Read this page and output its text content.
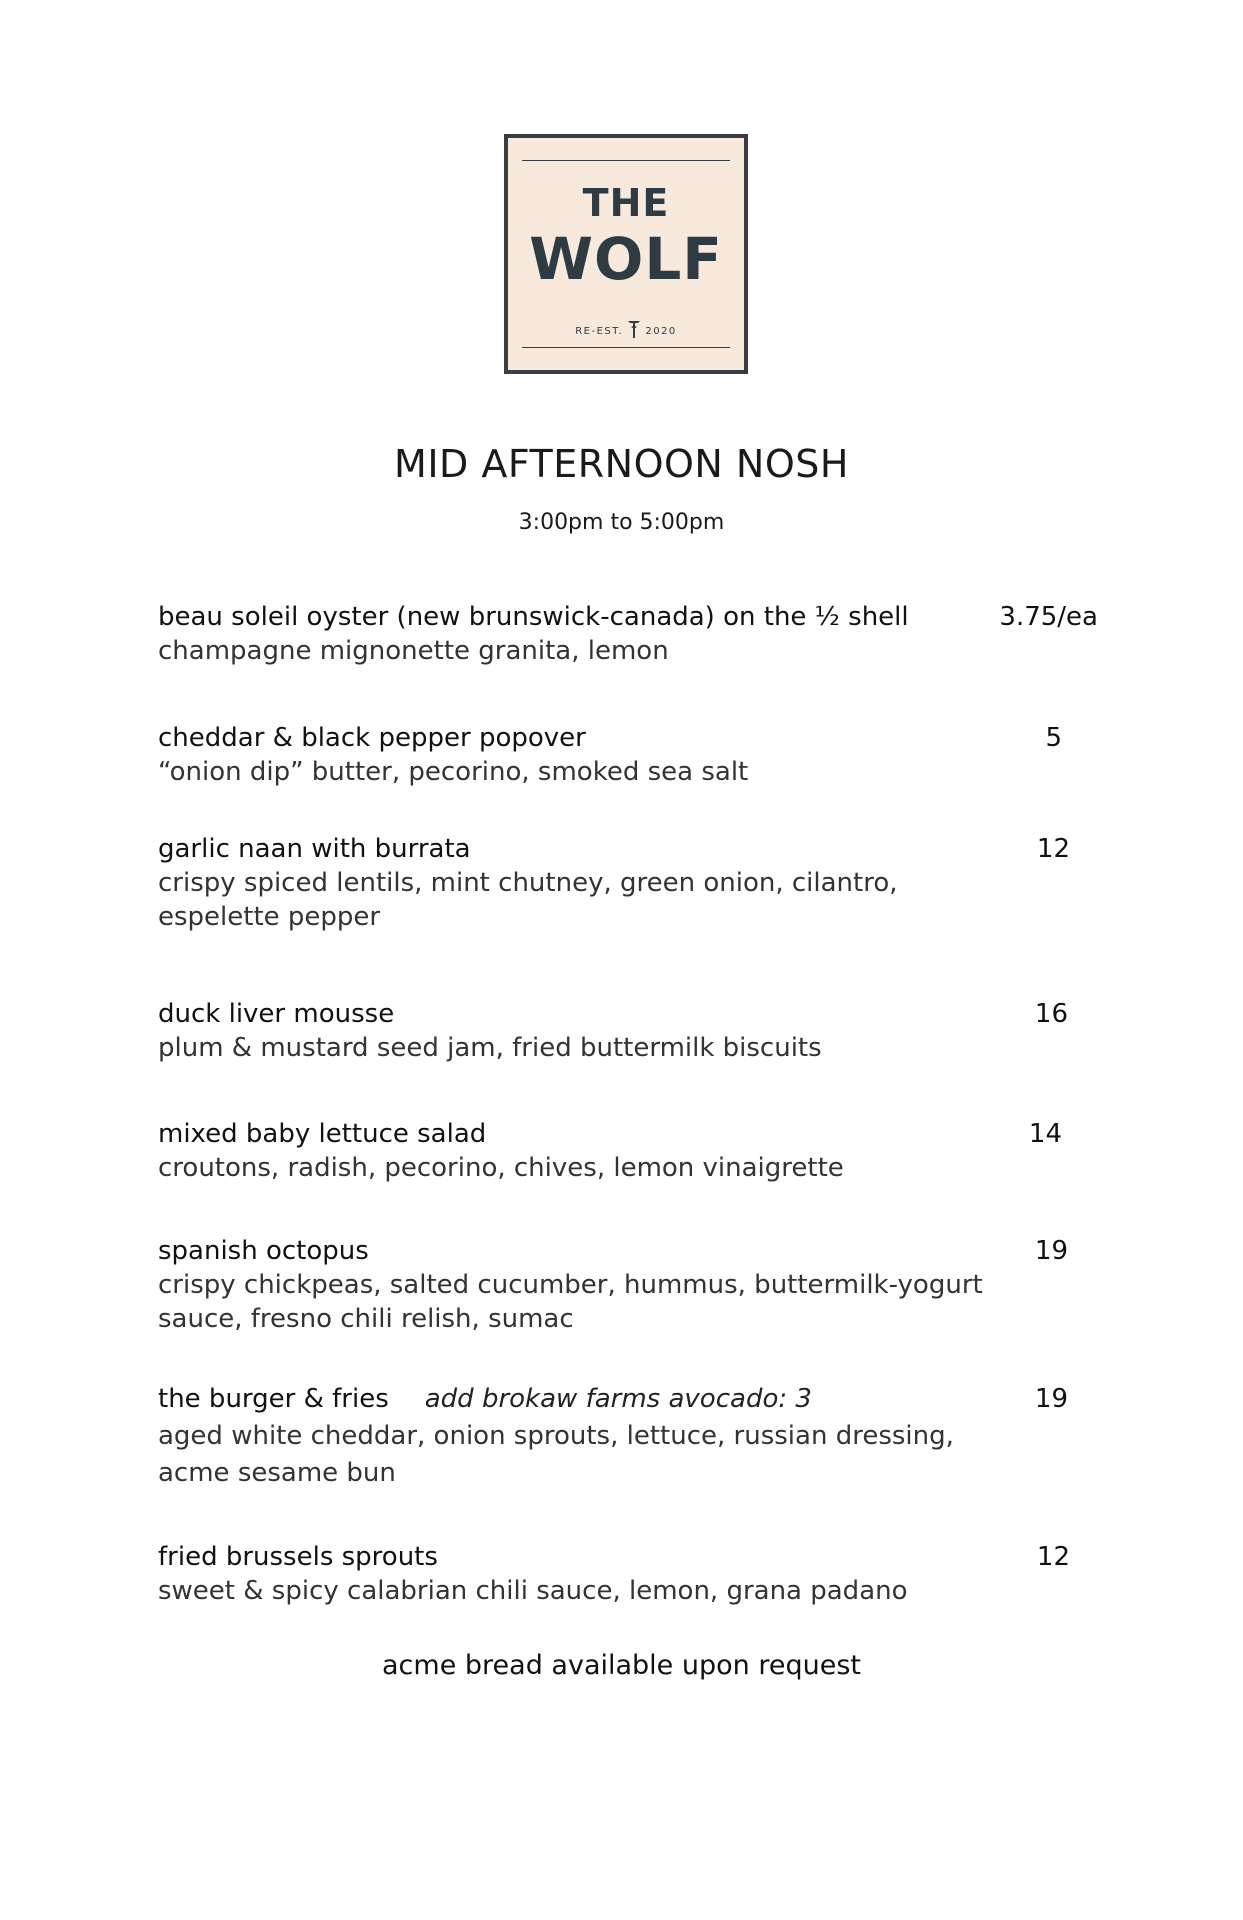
THE
WOLF
RE-EST. 2020
MID AFTERNOON NOSH
3:00pm to 5:00pm
beau soleil oyster (new brunswick-canada) on the ½ shell
champagne mignonette granita, lemon
3.75/ea
cheddar & black pepper popover
“onion dip” butter, pecorino, smoked sea salt
5
garlic naan with burrata
crispy spiced lentils, mint chutney, green onion, cilantro, espelette pepper
12
duck liver mousse
plum & mustard seed jam, fried buttermilk biscuits
16
mixed baby lettuce salad
croutons, radish, pecorino, chives, lemon vinaigrette
14
spanish octopus
crispy chickpeas, salted cucumber, hummus, buttermilk-yogurt sauce, fresno chili relish, sumac
19
the burger & fries add brokaw farms avocado: 3
aged white cheddar, onion sprouts, lettuce, russian dressing, acme sesame bun
19
fried brussels sprouts
sweet & spicy calabrian chili sauce, lemon, grana padano
12
acme bread available upon request
